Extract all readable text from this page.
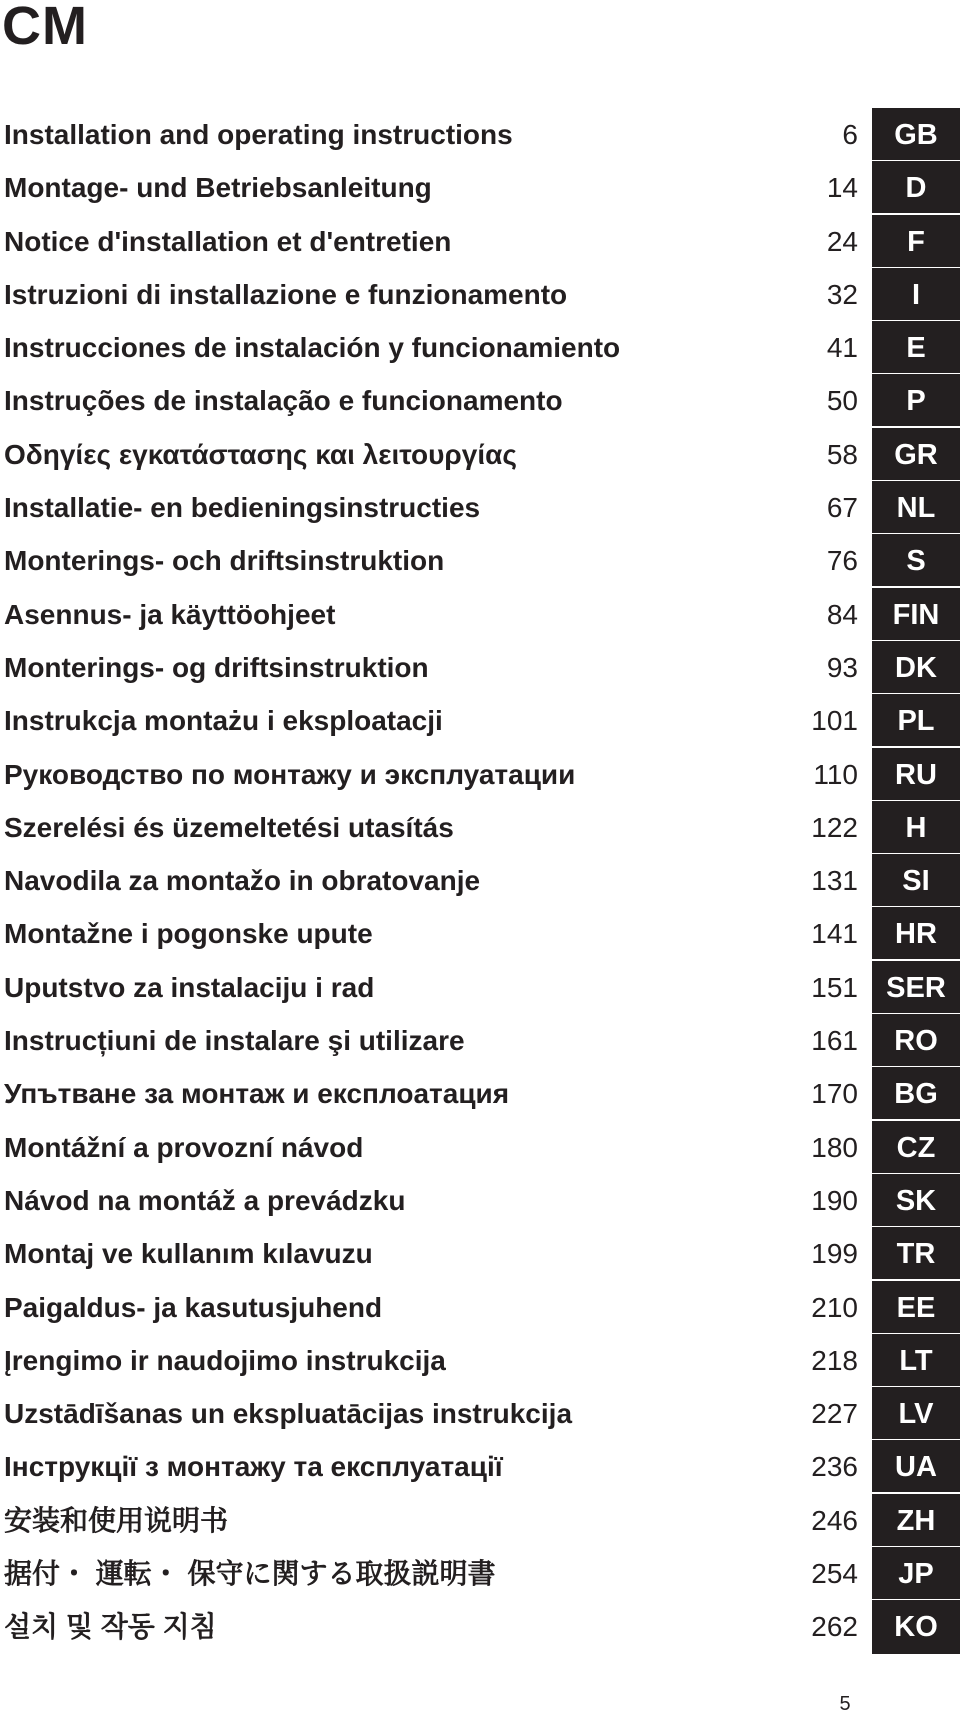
CM
Installation and operating instructions	6	GB
Montage- und Betriebsanleitung	14	D
Notice d'installation et d'entretien	24	F
Istruzioni di installazione e funzionamento	32	I
Instrucciones de instalación y funcionamiento	41	E
Instruções de instalação e funcionamento	50	P
Οδηγίες εγκατάστασης και λειτουργίας	58	GR
Installatie- en bedieningsinstructies	67	NL
Monterings- och driftsinstruktion	76	S
Asennus- ja käyttöohjeet	84	FIN
Monterings- og driftsinstruktion	93	DK
Instrukcja montażu i eksploatacji	101	PL
Руководство по монтажу и эксплуатации	110	RU
Szerelési és üzemeltetési utasítás	122	H
Navodila za montažo in obratovanje	131	SI
Montažne i pogonske upute	141	HR
Uputstvo za instalaciju i rad	151 SER
Instrucțiuni de instalare şi utilizare	161	RO
Упътване за монтаж и експлоатация	170	BG
Montážní a provozní návod	180	CZ
Návod na montáž a prevádzku	190	SK
Montaj ve kullanım kılavuzu	199	TR
Paigaldus- ja kasutusjuhend	210	EE
Įrengimo ir naudojimo instrukcija	218	LT
Uzstādīšanas un ekspluatācijas instrukcija	227	LV
Інструкції з монтажу та експлуатації	236	UA
安装和使用说明书	246	ZH
据付・ 運転・ 保守に関する取扱説明書	254	JP
설치 및 작동 지침	262	KO
5
